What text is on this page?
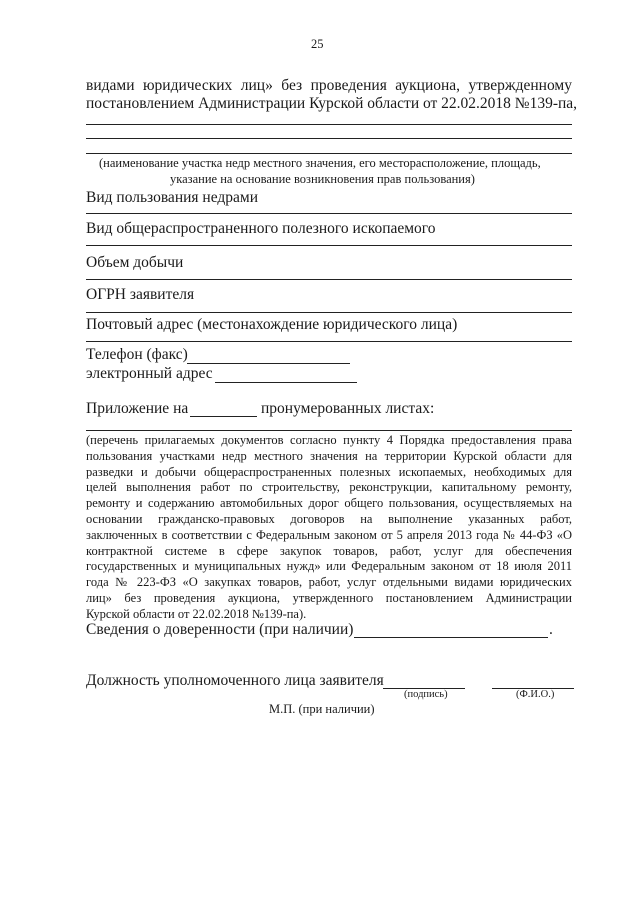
25
видами юридических лиц» без проведения аукциона, утвержденному
постановлением Администрации Курской области от 22.02.2018 №139-па,
(наименование участка недр местного значения, его месторасположение, площадь,
указание на основание возникновения прав пользования)
Вид пользования недрами
Вид общераспространенного полезного ископаемого
Объем добычи
ОГРН заявителя
Почтовый адрес (местонахождение юридического лица)
Телефон (факс)
электронный адрес
Приложение на	пронумерованных листах:
(перечень прилагаемых документов согласно пункту 4 Порядка предоставления права
пользования участками недр местного значения на территории Курской области для
разведки и добычи общераспространенных полезных ископаемых, необходимых для
целей выполнения работ по строительству, реконструкции, капитальному ремонту,
ремонту и содержанию автомобильных дорог общего пользования, осуществляемых на
основании гражданско-правовых договоров на выполнение указанных работ,
заключенных в соответствии с Федеральным законом от 5 апреля 2013 года № 44-ФЗ «О
контрактной системе в сфере закупок товаров, работ, услуг для обеспечения
государственных и муниципальных нужд» или Федеральным законом от 18 июля 2011
года № 223-ФЗ «О закупках товаров, работ, услуг отдельными видами юридических
лиц» без проведения аукциона, утвержденного постановлением Администрации
Курской области от 22.02.2018 №139-па).
Сведения о доверенности (при наличии)	.
Должность уполномоченного лица заявителя
(подпись)	(Ф.И.О.)
М.П. (при наличии)
